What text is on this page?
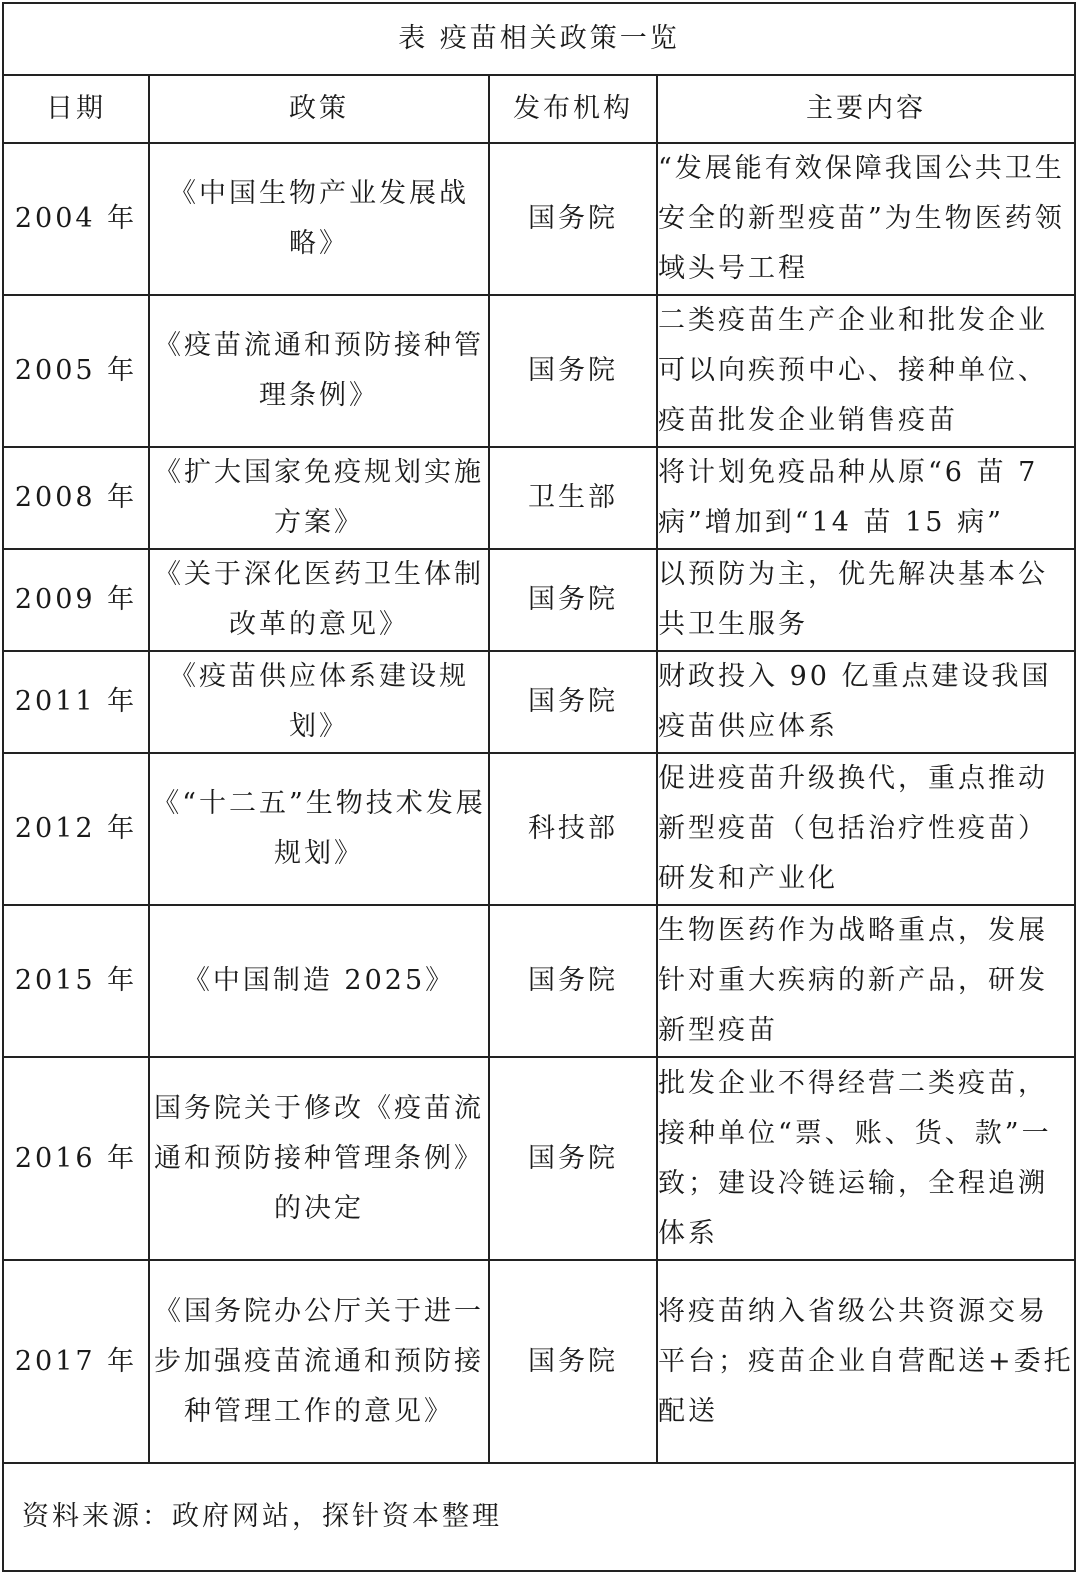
表 疫苗相关政策一览			
日期	政策	发布机构	主要内容
2004 年	《中国生物产业发展战略》	国务院	“发展能有效保障我国公共卫生安全的新型疫苗”为生物医药领域头号工程
2005 年	《疫苗流通和预防接种管理条例》	国务院	二类疫苗生产企业和批发企业可以向疾预中心、接种单位、疫苗批发企业销售疫苗
2008 年	《扩大国家免疫规划实施方案》	卫生部	将计划免疫品种从原“6 苗 7 病”增加到“14 苗 15 病”
2009 年	《关于深化医药卫生体制改革的意见》	国务院	以预防为主，优先解决基本公共卫生服务
2011 年	《疫苗供应体系建设规划》	国务院	财政投入 90 亿重点建设我国疫苗供应体系
2012 年	《“十二五”生物技术发展规划》	科技部	促进疫苗升级换代，重点推动新型疫苗（包括治疗性疫苗）研发和产业化
2015 年	《中国制造 2025》	国务院	生物医药作为战略重点，发展针对重大疾病的新产品，研发新型疫苗
2016 年	国务院关于修改《疫苗流通和预防接种管理条例》的决定	国务院	批发企业不得经营二类疫苗，接种单位“票、账、货、款”一致；建设冷链运输，全程追溯体系
2017 年	《国务院办公厅关于进一步加强疫苗流通和预防接种管理工作的意见》	国务院	将疫苗纳入省级公共资源交易平台；疫苗企业自营配送+委托配送
资料来源：政府网站，探针资本整理			
